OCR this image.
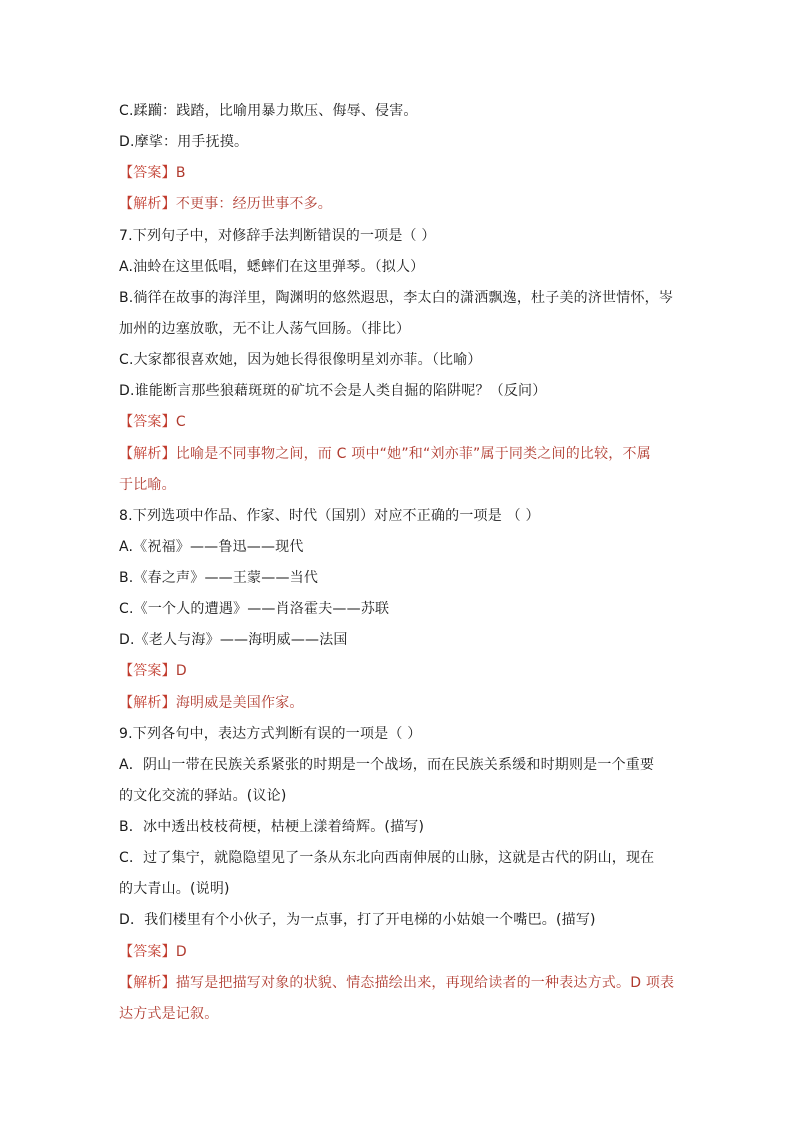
C.蹂躏：践踏，比喻用暴力欺压、侮辱、侵害。
D.摩挲：用手抚摸。
【答案】B
【解析】不更事：经历世事不多。
7.下列句子中，对修辞手法判断错误的一项是（ ）
A.油蛉在这里低唱，蟋蟀们在这里弹琴。（拟人）
B.徜徉在故事的海洋里，陶渊明的悠然遐思，李太白的潇洒飘逸，杜子美的济世情怀，岑
加州的边塞放歌，无不让人荡气回肠。（排比）
C.大家都很喜欢她，因为她长得很像明星刘亦菲。（比喻）
D.谁能断言那些狼藉斑斑的矿坑不会是人类自掘的陷阱呢？（反问）
【答案】C
【解析】比喻是不同事物之间，而 C 项中“她”和“刘亦菲”属于同类之间的比较，不属
于比喻。
8.下列选项中作品、作家、时代（国别）对应不正确的一项是 （ ）
A.《祝福》——鲁迅——现代
B.《春之声》——王蒙——当代
C.《一个人的遭遇》——肖洛霍夫——苏联
D.《老人与海》——海明威——法国
【答案】D
【解析】海明威是美国作家。
9.下列各句中，表达方式判断有误的一项是（ ）
A．阴山一带在民族关系紧张的时期是一个战场，而在民族关系缓和时期则是一个重要
的文化交流的驿站。(议论)
B．冰中透出枝枝荷梗，枯梗上漾着绮辉。(描写)
C．过了集宁，就隐隐望见了一条从东北向西南伸展的山脉，这就是古代的阴山，现在
的大青山。(说明)
D．我们楼里有个小伙子，为一点事，打了开电梯的小姑娘一个嘴巴。(描写)
【答案】D
【解析】描写是把描写对象的状貌、情态描绘出来，再现给读者的一种表达方式。D 项表
达方式是记叙。
